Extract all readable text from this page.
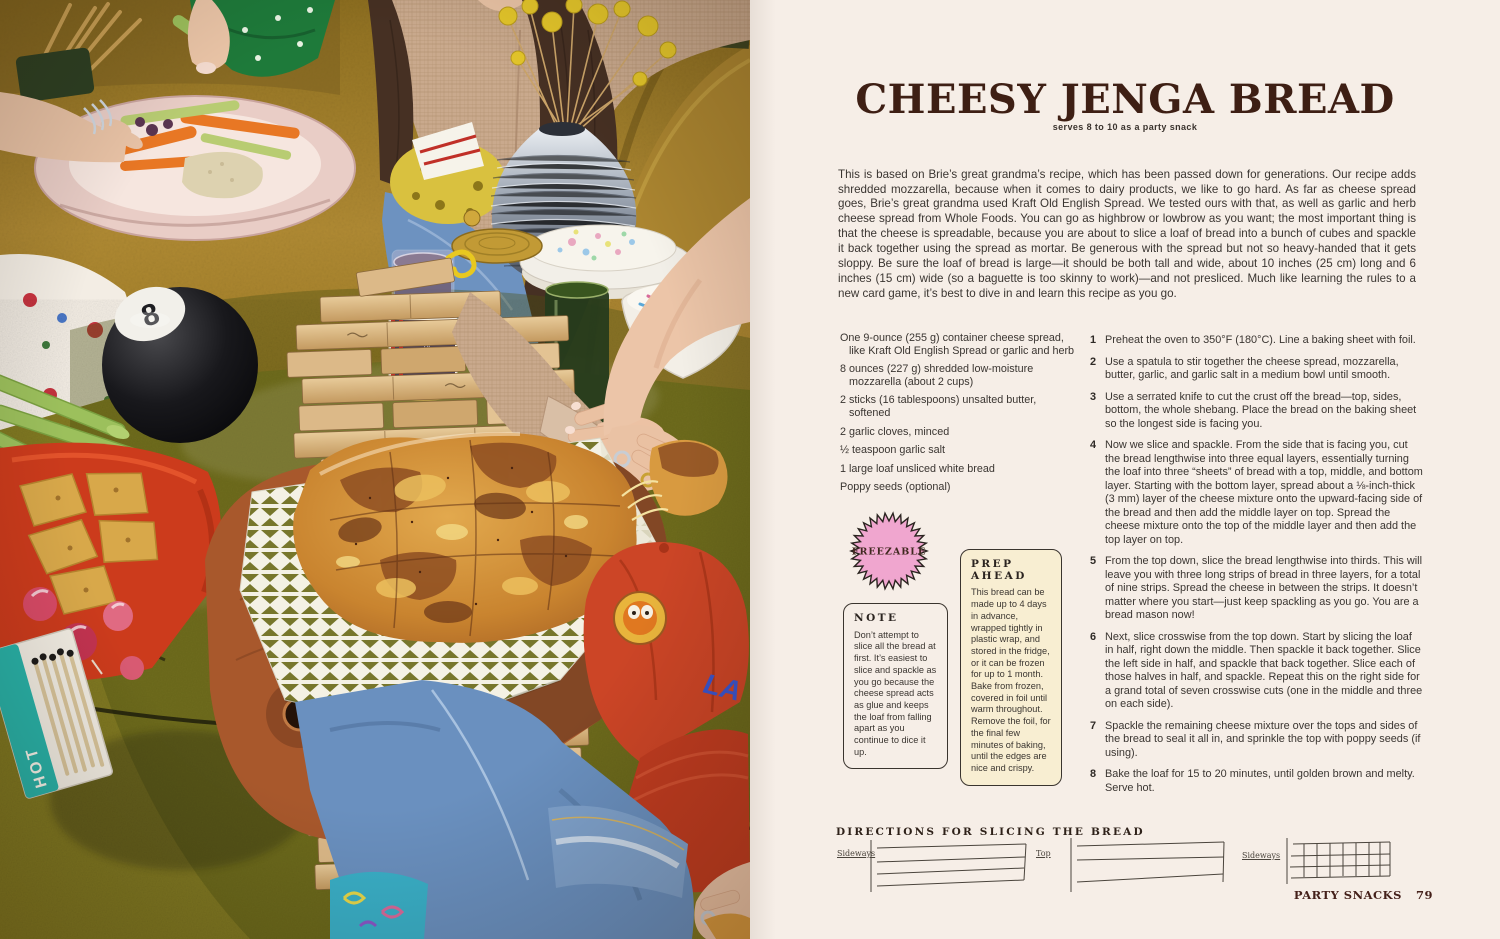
CHEESY JENGA BREAD
serves 8 to 10 as a party snack

This is based on Brie’s great grandma’s recipe, which has been passed down for generations. Our recipe adds shredded mozzarella, because when it comes to dairy products, we like to go hard. As far as cheese spread goes, Brie’s great grandma used Kraft Old English Spread. We tested ours with that, as well as garlic and herb cheese spread from Whole Foods. You can go as highbrow or lowbrow as you want; the most important thing is that the cheese is spreadable, because you are about to slice a loaf of bread into a bunch of cubes and spackle it back together using the spread as mortar. Be generous with the spread but not so heavy-handed that it gets sloppy. Be sure the loaf of bread is large—it should be both tall and wide, about 10 inches (25 cm) long and 6 inches (15 cm) wide (so a baguette is too skinny to work)—and not presliced. Much like learning the rules to a new card game, it’s best to dive in and learn this recipe as you go.

One 9-ounce (255 g) container cheese spread, like Kraft Old English Spread or garlic and herb
8 ounces (227 g) shredded low-moisture mozzarella (about 2 cups)
2 sticks (16 tablespoons) unsalted butter, softened
2 garlic cloves, minced
½ teaspoon garlic salt
1 large loaf unsliced white bread
Poppy seeds (optional)
1 Preheat the oven to 350°F (180°C). Line a baking sheet with foil.
2 Use a spatula to stir together the cheese spread, mozzarella, butter, garlic, and garlic salt in a medium bowl until smooth.
3 Use a serrated knife to cut the crust off the bread—top, sides, bottom, the whole shebang. Place the bread on the baking sheet so the longest side is facing you.
4 Now we slice and spackle. From the side that is facing you, cut the bread lengthwise into three equal layers, essentially turning the loaf into three “sheets” of bread with a top, middle, and bottom layer. Starting with the bottom layer, spread about a ⅛-inch-thick (3 mm) layer of the cheese mixture onto the upward-facing side of the bread and then add the middle layer on top. Spread the cheese mixture onto the top of the middle layer and then add the top layer on top.
5 From the top down, slice the bread lengthwise into thirds. This will leave you with three long strips of bread in three layers, for a total of nine strips. Spread the cheese in between the strips. It doesn’t matter where you start—just keep spackling as you go. You are a bread mason now!
6 Next, slice crosswise from the top down. Start by slicing the loaf in half, right down the middle. Then spackle it back together. Slice the left side in half, and spackle that back together. Slice each of those halves in half, and spackle. Repeat this on the right side for a grand total of seven crosswise cuts (one in the middle and three on each side).
7 Spackle the remaining cheese mixture over the tops and sides of the bread to seal it all in, and sprinkle the top with poppy seeds (if using).
8 Bake the loaf for 15 to 20 minutes, until golden brown and melty. Serve hot.
FREEZABLE
NOTE
Don’t attempt to slice all the bread at first. It’s easiest to slice and spackle as you go because the cheese spread acts as glue and keeps the loaf from falling apart as you continue to dice it up.
PREP AHEAD
This bread can be made up to 4 days in advance, wrapped tightly in plastic wrap, and stored in the fridge, or it can be frozen for up to 1 month. Bake from frozen, covered in foil until warm throughout. Remove the foil, for the final few minutes of baking, until the edges are nice and crispy.
DIRECTIONS FOR SLICING THE BREAD
Sideways	Top	Sideways
PARTY SNACKS 79
